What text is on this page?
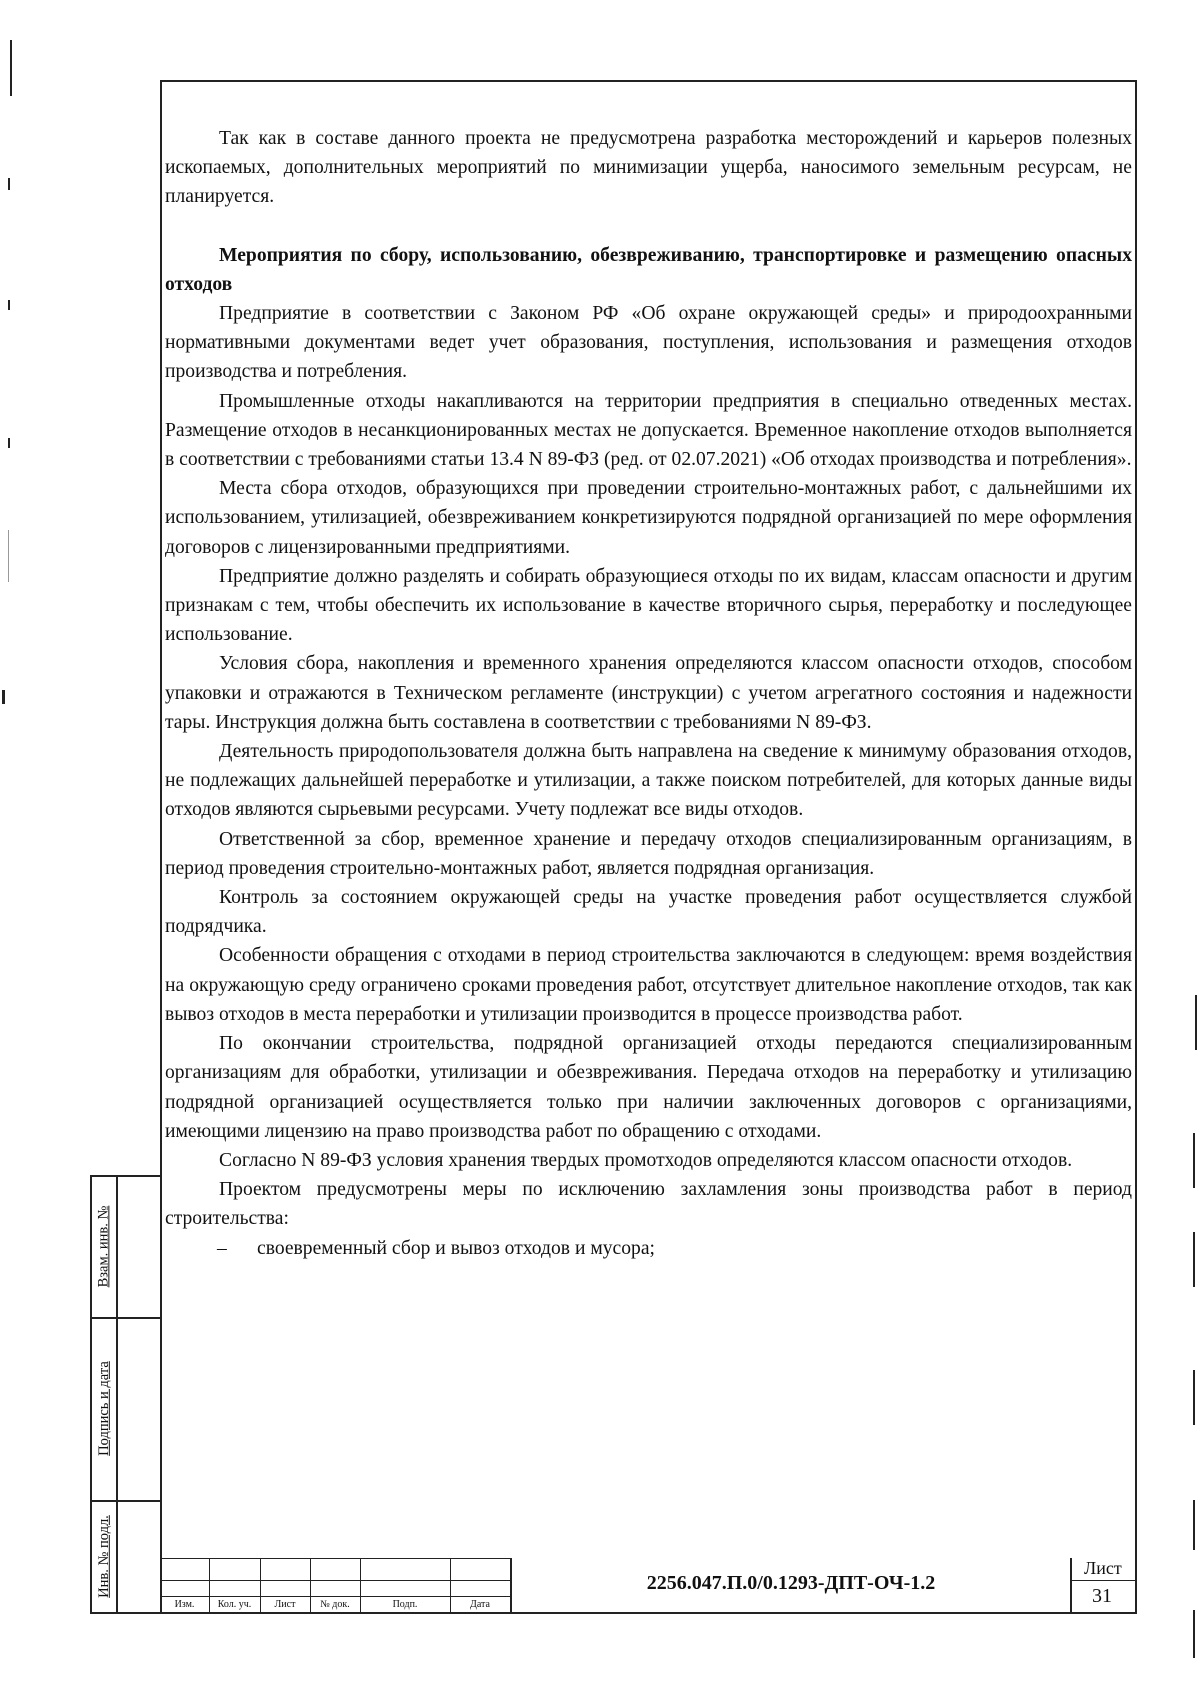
Так как в составе данного проекта не предусмотрена разработка месторождений и карьеров полезных ископаемых, дополнительных мероприятий по минимизации ущерба, наносимого земельным ресурсам, не планируется.

Мероприятия по сбору, использованию, обезвреживанию, транспортировке и размещению опасных отходов

Предприятие в соответствии с Законом РФ «Об охране окружающей среды» и природоохранными нормативными документами ведет учет образования, поступления, использования и размещения отходов производства и потребления.

Промышленные отходы накапливаются на территории предприятия в специально отведенных местах. Размещение отходов в несанкционированных местах не допускается. Временное накопление отходов выполняется в соответствии с требованиями статьи 13.4 N 89-ФЗ (ред. от 02.07.2021) «Об отходах производства и потребления».

Места сбора отходов, образующихся при проведении строительно-монтажных работ, с дальнейшими их использованием, утилизацией, обезвреживанием конкретизируются подрядной организацией по мере оформления договоров с лицензированными предприятиями.

Предприятие должно разделять и собирать образующиеся отходы по их видам, классам опасности и другим признакам с тем, чтобы обеспечить их использование в качестве вторичного сырья, переработку и последующее использование.

Условия сбора, накопления и временного хранения определяются классом опасности отходов, способом упаковки и отражаются в Техническом регламенте (инструкции) с учетом агрегатного состояния и надежности тары. Инструкция должна быть составлена в соответствии с требованиями N 89-ФЗ.

Деятельность природопользователя должна быть направлена на сведение к минимуму образования отходов, не подлежащих дальнейшей переработке и утилизации, а также поиском потребителей, для которых данные виды отходов являются сырьевыми ресурсами. Учету подлежат все виды отходов.

Ответственной за сбор, временное хранение и передачу отходов специализированным организациям, в период проведения строительно-монтажных работ, является подрядная организация.

Контроль за состоянием окружающей среды на участке проведения работ осуществляется службой подрядчика.

Особенности обращения с отходами в период строительства заключаются в следующем: время воздействия на окружающую среду ограничено сроками проведения работ, отсутствует длительное накопление отходов, так как вывоз отходов в места переработки и утилизации производится в процессе производства работ.

По окончании строительства, подрядной организацией отходы передаются специализированным организациям для обработки, утилизации и обезвреживания. Передача отходов на переработку и утилизацию подрядной организацией осуществляется только при наличии заключенных договоров с организациями, имеющими лицензию на право производства работ по обращению с отходами.

Согласно N 89-ФЗ условия хранения твердых промотходов определяются классом опасности отходов.

Проектом предусмотрены меры по исключению захламления зоны производства работ в период строительства:

– своевременный сбор и вывоз отходов и мусора;

Взам. инв. №
Подпись и дата
Инв. № подл.
Изм.	Кол. уч.	Лист	№ док.	Подп.	Дата
2256.047.П.0/0.1293-ДПТ-ОЧ-1.2
Лист
31
